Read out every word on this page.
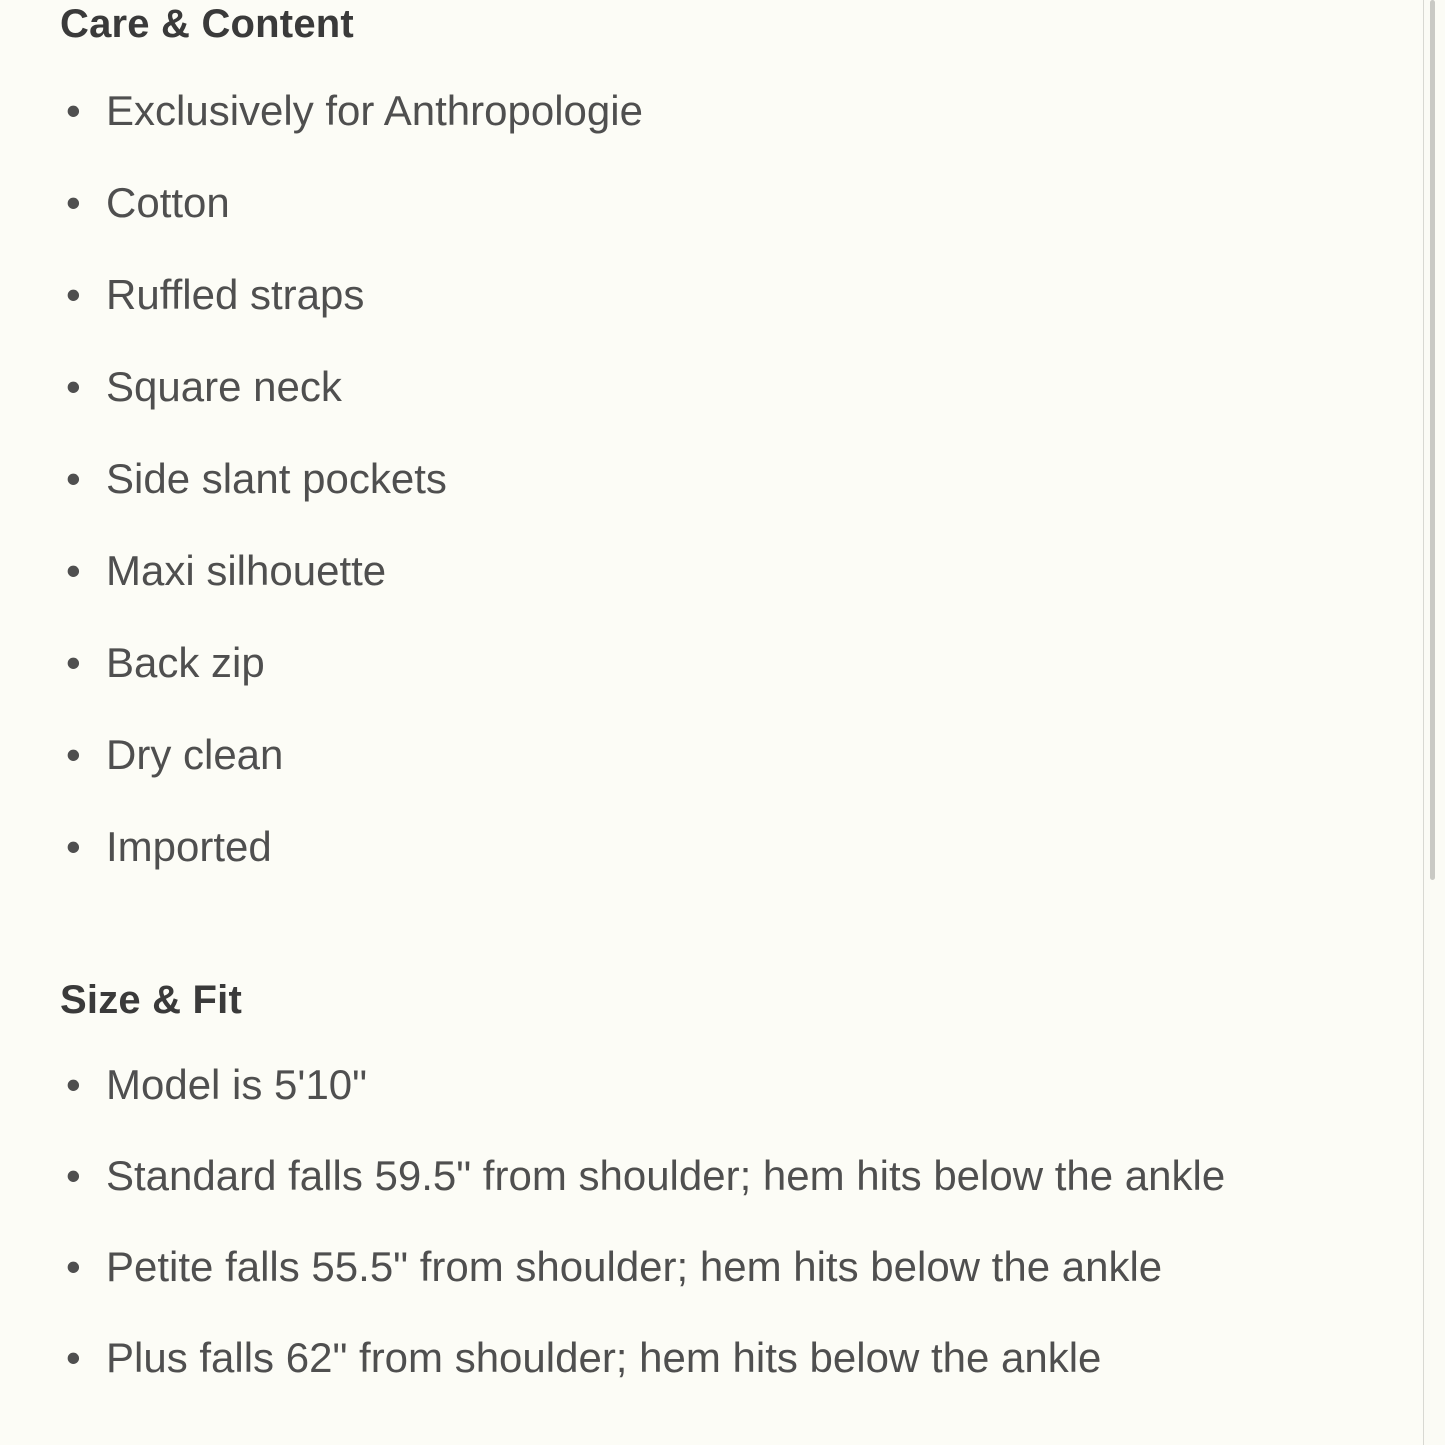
Care & Content
• Exclusively for Anthropologie
• Cotton
• Ruffled straps
• Square neck
• Side slant pockets
• Maxi silhouette
• Back zip
• Dry clean
• Imported
Size & Fit
• Model is 5'10"
• Standard falls 59.5" from shoulder; hem hits below the ankle
• Petite falls 55.5" from shoulder; hem hits below the ankle
• Plus falls 62" from shoulder; hem hits below the ankle
